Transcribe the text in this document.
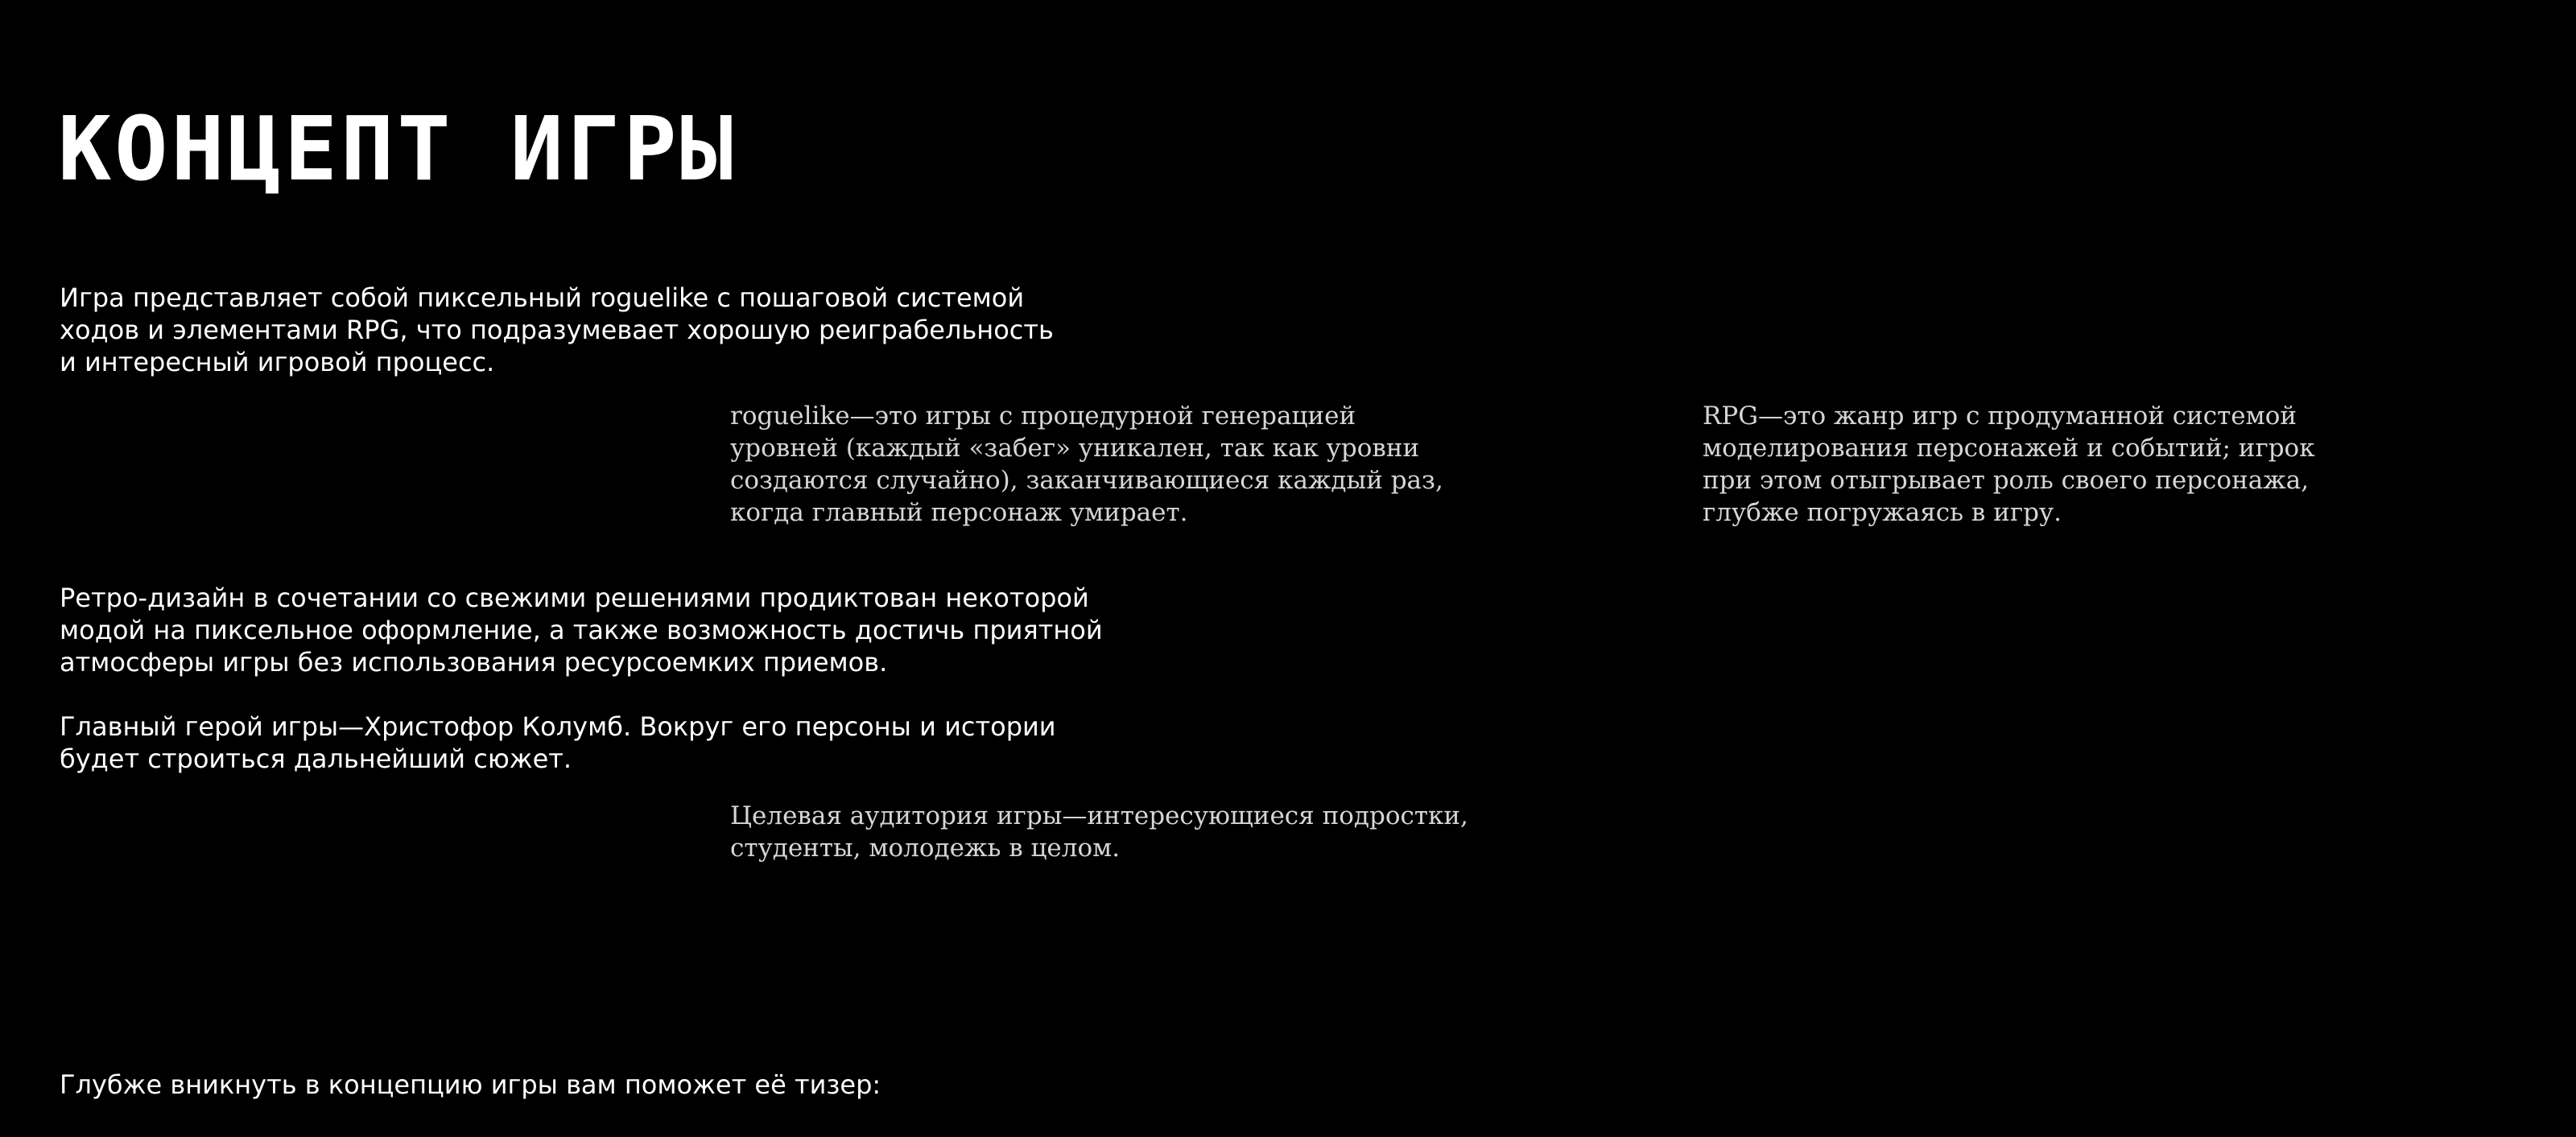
КОНЦЕПТ ИГРЫ

Игра представляет собой пиксельный roguelike с пошаговой системой
ходов и элементами RPG, что подразумевает хорошую реиграбельность
и интересный игровой процесс.

roguelike—это игры с процедурной генерацией
уровней (каждый «забег» уникален, так как уровни
создаются случайно), заканчивающиеся каждый раз,
когда главный персонаж умирает.

RPG—это жанр игр с продуманной системой
моделирования персонажей и событий; игрок
при этом отыгрывает роль своего персонажа,
глубже погружаясь в игру.

Ретро-дизайн в сочетании со свежими решениями продиктован некоторой
модой на пиксельное оформление, а также возможность достичь приятной
атмосферы игры без использования ресурсоемких приемов.

Главный герой игры—Христофор Колумб. Вокруг его персоны и истории
будет строиться дальнейший сюжет.

Целевая аудитория игры—интересующиеся подростки,
студенты, молодежь в целом.

Глубже вникнуть в концепцию игры вам поможет её тизер:
